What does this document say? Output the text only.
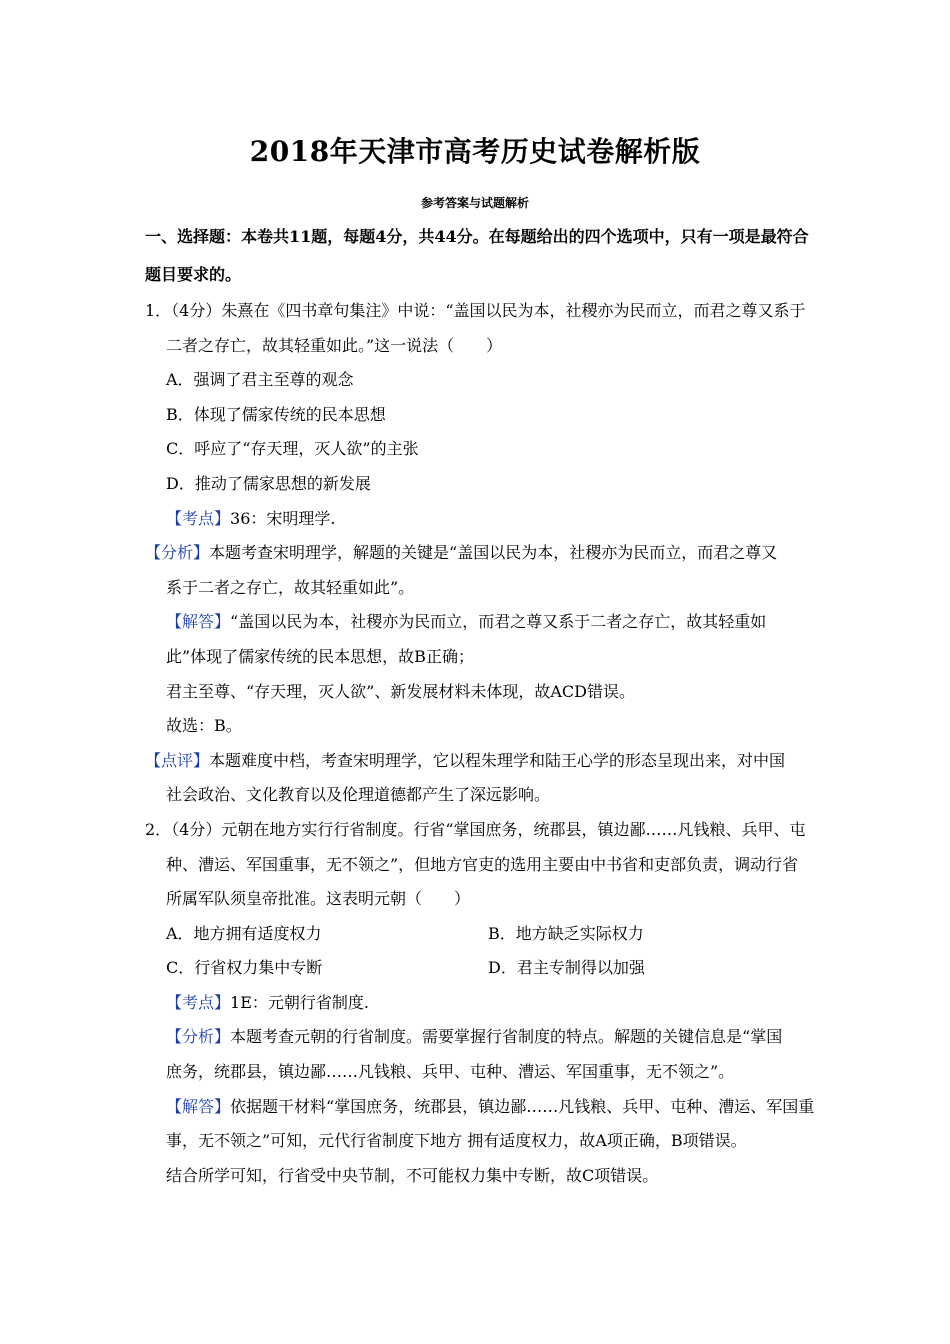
2018年天津市高考历史试卷解析版
参考答案与试题解析
一、选择题：本卷共11题，每题4分，共44分。在每题给出的四个选项中，只有一项是最符合
题目要求的。
1．（4分）朱熹在《四书章句集注》中说：“盖国以民为本，社稷亦为民而立，而君之尊又系于
二者之存亡，故其轻重如此。”这一说法（　　）
A．强调了君主至尊的观念
B．体现了儒家传统的民本思想
C．呼应了“存天理，灭人欲”的主张
D．推动了儒家思想的新发展
【考点】36：宋明理学.
【分析】本题考查宋明理学，解题的关键是“盖国以民为本，社稷亦为民而立，而君之尊又
系于二者之存亡，故其轻重如此”。
【解答】“盖国以民为本，社稷亦为民而立，而君之尊又系于二者之存亡，故其轻重如
此”体现了儒家传统的民本思想，故B正确；
君主至尊、“存天理，灭人欲”、新发展材料未体现，故ACD错误。
故选：B。
【点评】本题难度中档，考查宋明理学，它以程朱理学和陆王心学的形态呈现出来，对中国
社会政治、文化教育以及伦理道德都产生了深远影响。
2．（4分）元朝在地方实行行省制度。行省“掌国庶务，统郡县，镇边鄙……凡钱粮、兵甲、屯
种、漕运、军国重事，无不领之”，但地方官吏的选用主要由中书省和吏部负责，调动行省
所属军队须皇帝批准。这表明元朝（　　）
A．地方拥有适度权力	B．地方缺乏实际权力
C．行省权力集中专断	D．君主专制得以加强
【考点】1E：元朝行省制度.
【分析】本题考查元朝的行省制度。需要掌握行省制度的特点。解题的关键信息是“掌国
庶务，统郡县，镇边鄙……凡钱粮、兵甲、屯种、漕运、军国重事，无不领之”。
【解答】依据题干材料“掌国庶务，统郡县，镇边鄙……凡钱粮、兵甲、屯种、漕运、军国重
事，无不领之”可知，元代行省制度下地方 拥有适度权力，故A项正确，B项错误。
结合所学可知，行省受中央节制，不可能权力集中专断，故C项错误。
